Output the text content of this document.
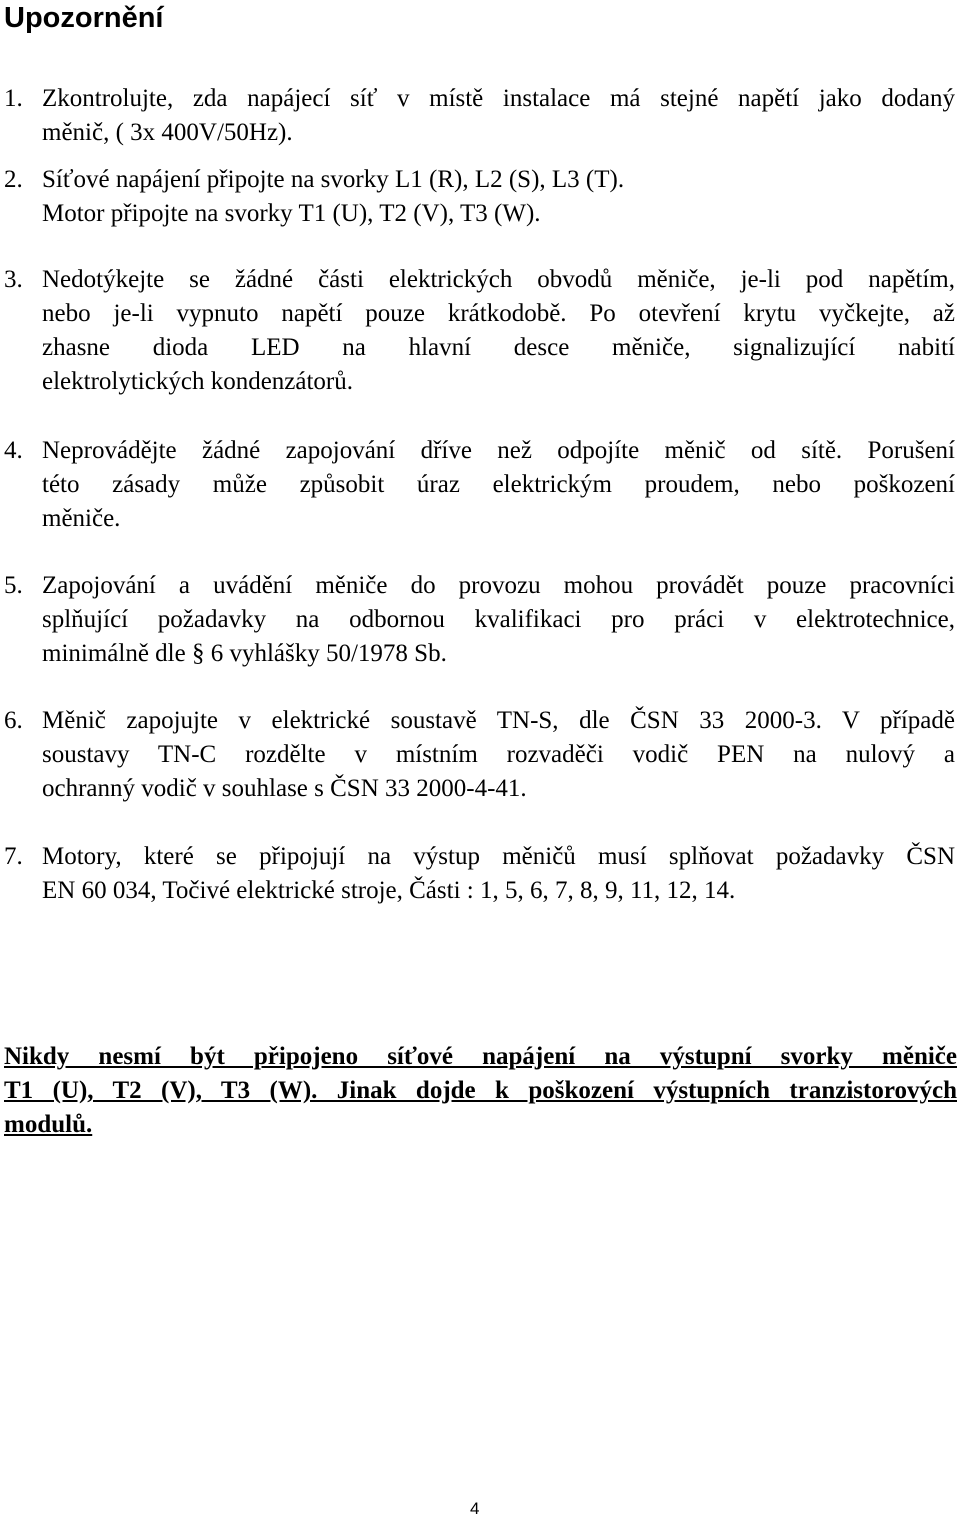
Upozornění
1. Zkontrolujte, zda napájecí síť v místě instalace má stejné napětí jako dodaný
měnič, ( 3x 400V/50Hz).
2. Síťové napájení připojte na svorky L1 (R), L2 (S), L3 (T).
Motor připojte na svorky T1 (U), T2 (V), T3 (W).
3. Nedotýkejte se žádné části elektrických obvodů měniče, je-li pod napětím,
nebo je-li vypnuto napětí pouze krátkodobě. Po otevření krytu vyčkejte, až
zhasne dioda LED na hlavní desce měniče, signalizující nabití
elektrolytických kondenzátorů.
4. Neprovádějte žádné zapojování dříve než odpojíte měnič od sítě. Porušení
této zásady může způsobit úraz elektrickým proudem, nebo poškození
měniče.
5. Zapojování a uvádění měniče do provozu mohou provádět pouze pracovníci
splňující požadavky na odbornou kvalifikaci pro práci v elektrotechnice,
minimálně dle § 6 vyhlášky 50/1978 Sb.
6. Měnič zapojujte v elektrické soustavě TN-S, dle ČSN 33 2000-3. V případě
soustavy TN-C rozdělte v místním rozvaděči vodič PEN na nulový a
ochranný vodič v souhlase s ČSN 33 2000-4-41.
7. Motory, které se připojují na výstup měničů musí splňovat požadavky ČSN
EN 60 034, Točivé elektrické stroje, Části : 1, 5, 6, 7, 8, 9, 11, 12, 14.
Nikdy nesmí být připojeno síťové napájení na výstupní svorky měniče
T1 (U), T2 (V), T3 (W). Jinak dojde k poškození výstupních tranzistorových
modulů.
4
